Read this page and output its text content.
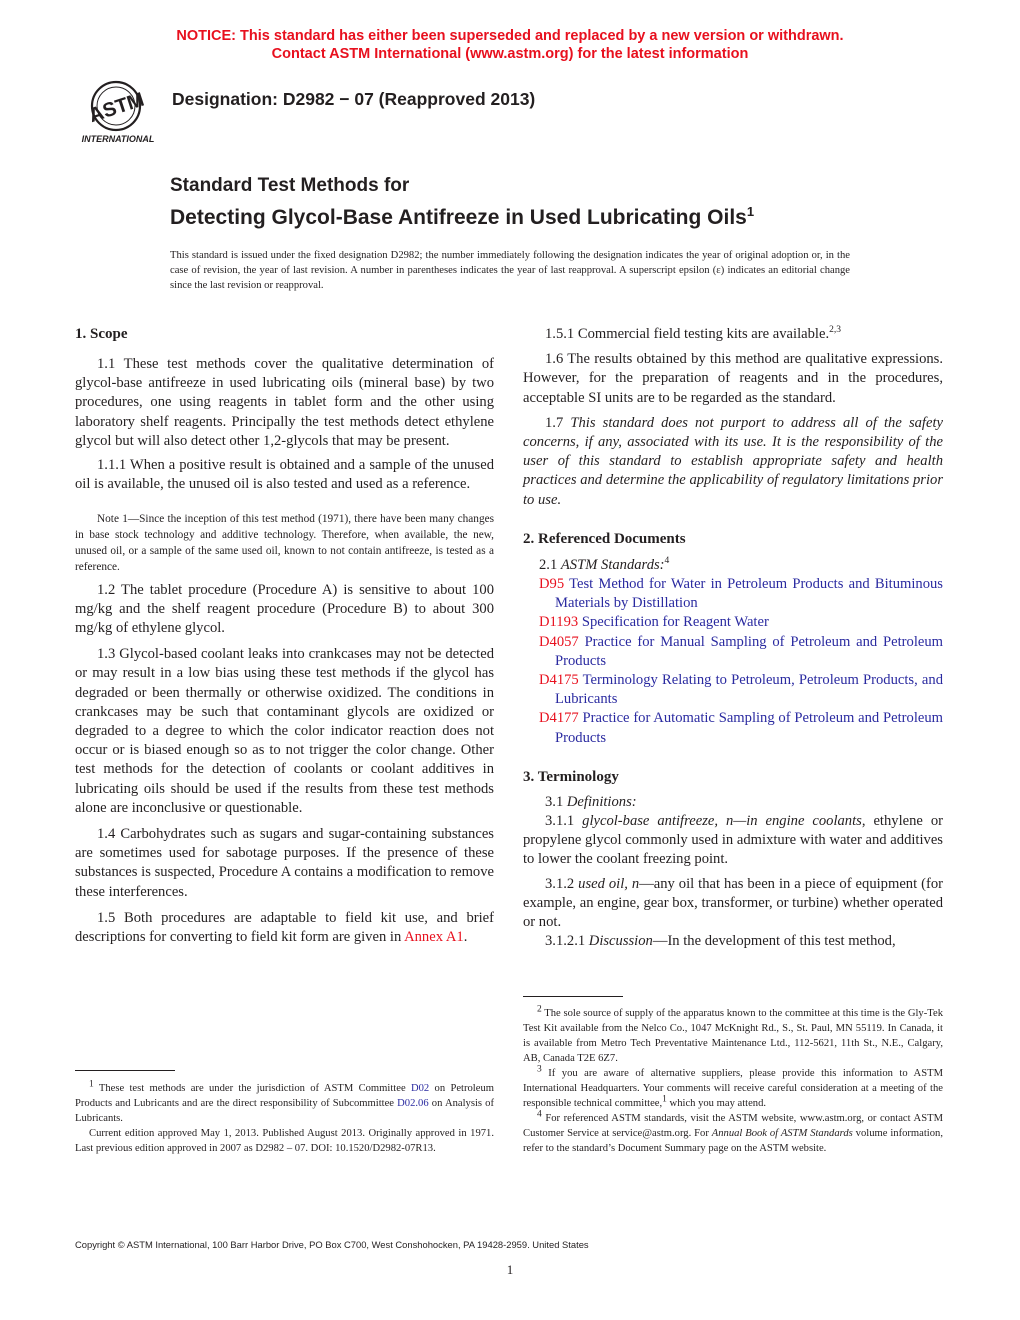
NOTICE: This standard has either been superseded and replaced by a new version or withdrawn.
Contact ASTM International (www.astm.org) for the latest information
ASTM
INTERNATIONAL
Designation: D2982 − 07 (Reapproved 2013)
Standard Test Methods for
Detecting Glycol-Base Antifreeze in Used Lubricating Oils$^1$
This standard is issued under the fixed designation D2982; the number immediately following the designation indicates the year of original adoption or, in the case of revision, the year of last revision. A number in parentheses indicates the year of last reapproval. A superscript epsilon (ε) indicates an editorial change since the last revision or reapproval.
1. Scope

1.1 These test methods cover the qualitative determination of glycol-base antifreeze in used lubricating oils (mineral base) by two procedures, one using reagents in tablet form and the other using laboratory shelf reagents. Principally the test methods detect ethylene glycol but will also detect other 1,2-glycols that may be present.

1.1.1 When a positive result is obtained and a sample of the unused oil is available, the unused oil is also tested and used as a reference.

Note 1—Since the inception of this test method (1971), there have been many changes in base stock technology and additive technology. Therefore, when available, the new, unused oil, or a sample of the same used oil, known to not contain antifreeze, is tested as a reference.

1.2 The tablet procedure (Procedure A) is sensitive to about 100 mg/kg and the shelf reagent procedure (Procedure B) to about 300 mg/kg of ethylene glycol.

1.3 Glycol-based coolant leaks into crankcases may not be detected or may result in a low bias using these test methods if the glycol has degraded or been thermally or otherwise oxidized. The conditions in crankcases may be such that contaminant glycols are oxidized or degraded to a degree to which the color indicator reaction does not occur or is biased enough so as to not trigger the color change. Other test methods for the detection of coolants or coolant additives in lubricating oils should be used if the results from these test methods alone are inconclusive or questionable.

1.4 Carbohydrates such as sugars and sugar-containing substances are sometimes used for sabotage purposes. If the presence of these substances is suspected, Procedure A contains a modification to remove these interferences.

1.5 Both procedures are adaptable to field kit use, and brief descriptions for converting to field kit form are given in Annex A1.

1 These test methods are under the jurisdiction of ASTM Committee D02 on Petroleum Products and Lubricants and are the direct responsibility of Subcommittee D02.06 on Analysis of Lubricants.

Current edition approved May 1, 2013. Published August 2013. Originally approved in 1971. Last previous edition approved in 2007 as D2982 – 07. DOI: 10.1520/D2982-07R13.

1.5.1 Commercial field testing kits are available.$^{2,3}$

1.6 The results obtained by this method are qualitative expressions. However, for the preparation of reagents and in the procedures, acceptable SI units are to be regarded as the standard.

1.7 This standard does not purport to address all of the safety concerns, if any, associated with its use. It is the responsibility of the user of this standard to establish appropriate safety and health practices and determine the applicability of regulatory limitations prior to use.

2. Referenced Documents

2.1 ASTM Standards:$^4$

D95 Test Method for Water in Petroleum Products and Bituminous Materials by Distillation

D1193 Specification for Reagent Water

D4057 Practice for Manual Sampling of Petroleum and Petroleum Products

D4175 Terminology Relating to Petroleum, Petroleum Products, and Lubricants

D4177 Practice for Automatic Sampling of Petroleum and Petroleum Products

3. Terminology

3.1 Definitions:

3.1.1 glycol-base antifreeze, n—in engine coolants, ethylene or propylene glycol commonly used in admixture with water and additives to lower the coolant freezing point.

3.1.2 used oil, n—any oil that has been in a piece of equipment (for example, an engine, gear box, transformer, or turbine) whether operated or not.

3.1.2.1 Discussion—In the development of this test method,

2 The sole source of supply of the apparatus known to the committee at this time is the Gly-Tek Test Kit available from the Nelco Co., 1047 McKnight Rd., S., St. Paul, MN 55119. In Canada, it is available from Metro Tech Preventative Maintenance Ltd., 112-5621, 11th St., N.E., Calgary, AB, Canada T2E 6Z7.

3 If you are aware of alternative suppliers, please provide this information to ASTM International Headquarters. Your comments will receive careful consideration at a meeting of the responsible technical committee,1 which you may attend.

4 For referenced ASTM standards, visit the ASTM website, www.astm.org, or contact ASTM Customer Service at service@astm.org. For Annual Book of ASTM Standards volume information, refer to the standard’s Document Summary page on the ASTM website.

Copyright © ASTM International, 100 Barr Harbor Drive, PO Box C700, West Conshohocken, PA 19428-2959. United States
1
